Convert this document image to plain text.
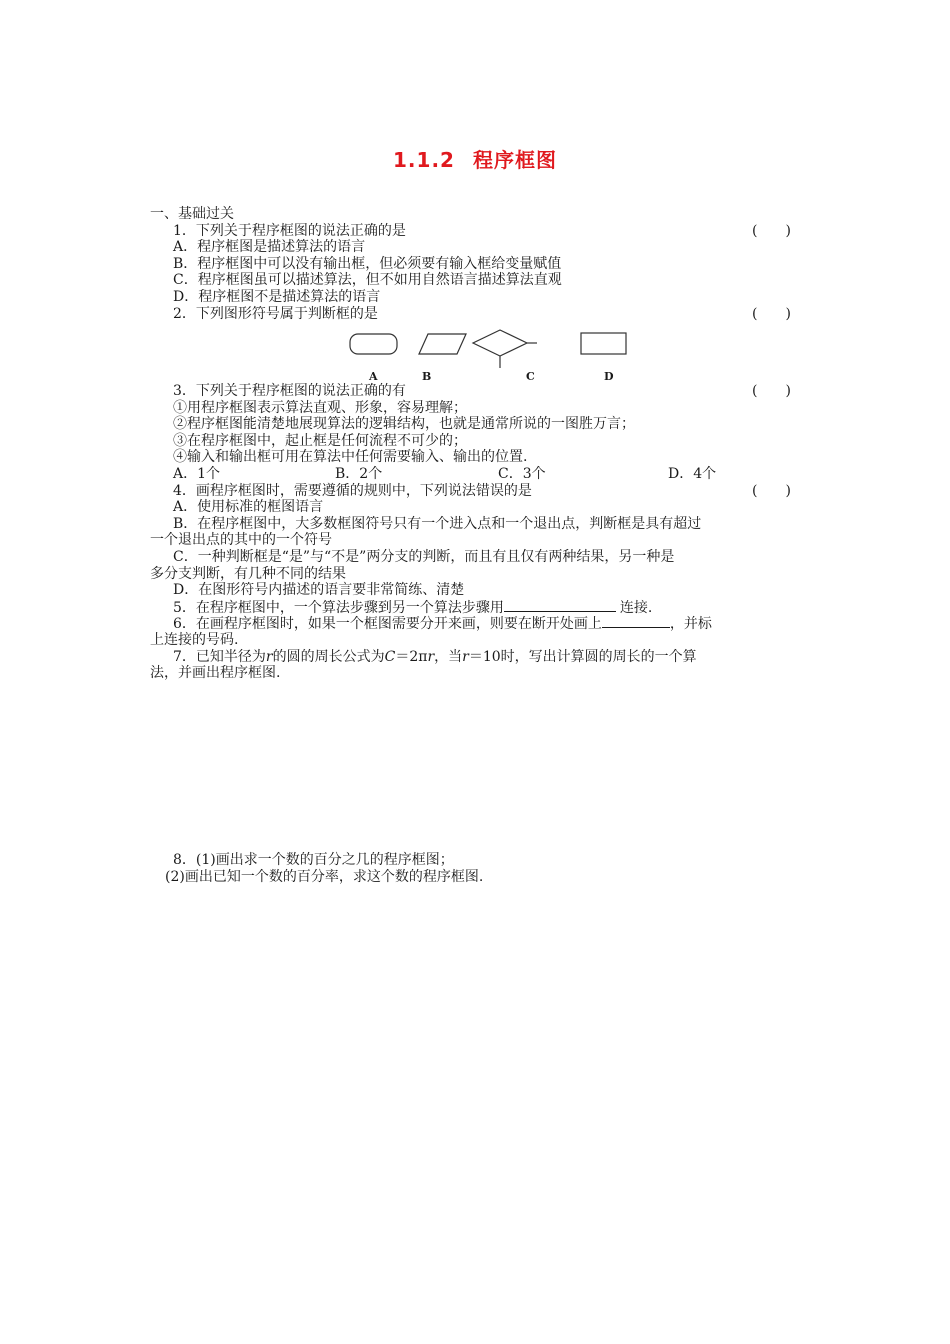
1.1.2 程序框图
一、基础过关
1．下列关于程序框图的说法正确的是	(　　)
A．程序框图是描述算法的语言
B．程序框图中可以没有输出框，但必须要有输入框给变量赋值
C．程序框图虽可以描述算法，但不如用自然语言描述算法直观
D．程序框图不是描述算法的语言
2．下列图形符号属于判断框的是	(　　)
A	B	C	D
3．下列关于程序框图的说法正确的有	(　　)
①用程序框图表示算法直观、形象，容易理解；
②程序框图能清楚地展现算法的逻辑结构，也就是通常所说的一图胜万言；
③在程序框图中，起止框是任何流程不可少的；
④输入和输出框可用在算法中任何需要输入、输出的位置.
A．1个	B．2个	C．3个	D．4个
4．画程序框图时，需要遵循的规则中，下列说法错误的是	(　　)
A．使用标准的框图语言
B．在程序框图中，大多数框图符号只有一个进入点和一个退出点，判断框是具有超过
一个退出点的其中的一个符号
C．一种判断框是“是”与“不是”两分支的判断，而且有且仅有两种结果，另一种是
多分支判断，有几种不同的结果
D．在图形符号内描述的语言要非常简练、清楚
5．在程序框图中，一个算法步骤到另一个算法步骤用	连接.
6．在画程序框图时，如果一个框图需要分开来画，则要在断开处画上	，并标
上连接的号码.
7．已知半径为r的圆的周长公式为C＝2πr，当r＝10时，写出计算圆的周长的一个算
法，并画出程序框图.
8．(1)画出求一个数的百分之几的程序框图；
(2)画出已知一个数的百分率，求这个数的程序框图.
